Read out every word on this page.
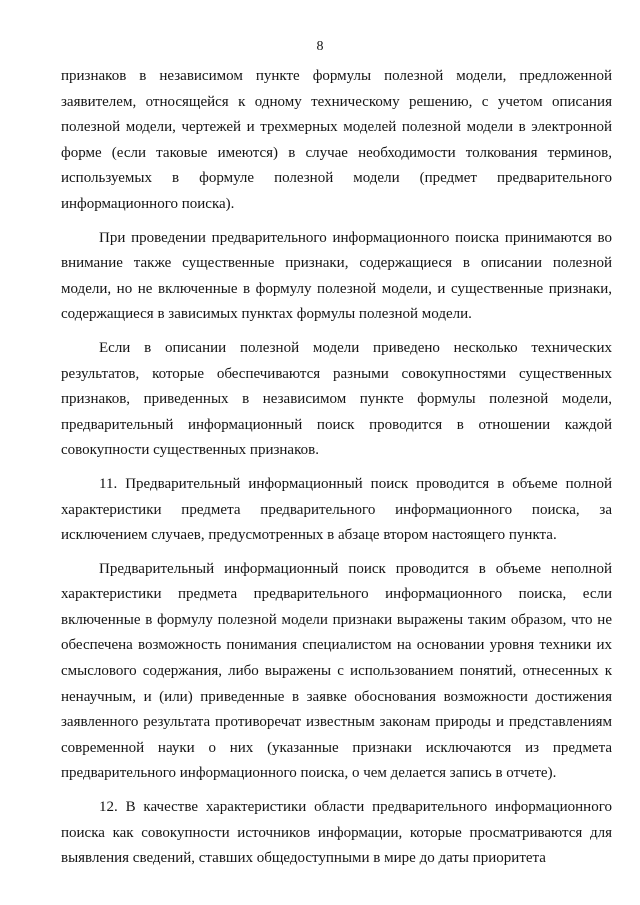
8

признаков в независимом пункте формулы полезной модели, предложенной заявителем, относящейся к одному техническому решению, с учетом описания полезной модели, чертежей и трехмерных моделей полезной модели в электронной форме (если таковые имеются) в случае необходимости толкования терминов, используемых в формуле полезной модели (предмет предварительного информационного поиска).

При проведении предварительного информационного поиска принимаются во внимание также существенные признаки, содержащиеся в описании полезной модели, но не включенные в формулу полезной модели, и существенные признаки, содержащиеся в зависимых пунктах формулы полезной модели.

Если в описании полезной модели приведено несколько технических результатов, которые обеспечиваются разными совокупностями существенных признаков, приведенных в независимом пункте формулы полезной модели, предварительный информационный поиск проводится в отношении каждой совокупности существенных признаков.

11. Предварительный информационный поиск проводится в объеме полной характеристики предмета предварительного информационного поиска, за исключением случаев, предусмотренных в абзаце втором настоящего пункта.

Предварительный информационный поиск проводится в объеме неполной характеристики предмета предварительного информационного поиска, если включенные в формулу полезной модели признаки выражены таким образом, что не обеспечена возможность понимания специалистом на основании уровня техники их смыслового содержания, либо выражены с использованием понятий, отнесенных к ненаучным, и (или) приведенные в заявке обоснования возможности достижения заявленного результата противоречат известным законам природы и представлениям современной науки о них (указанные признаки исключаются из предмета предварительного информационного поиска, о чем делается запись в отчете).

12. В качестве характеристики области предварительного информационного поиска как совокупности источников информации, которые просматриваются для выявления сведений, ставших общедоступными в мире до даты приоритета
